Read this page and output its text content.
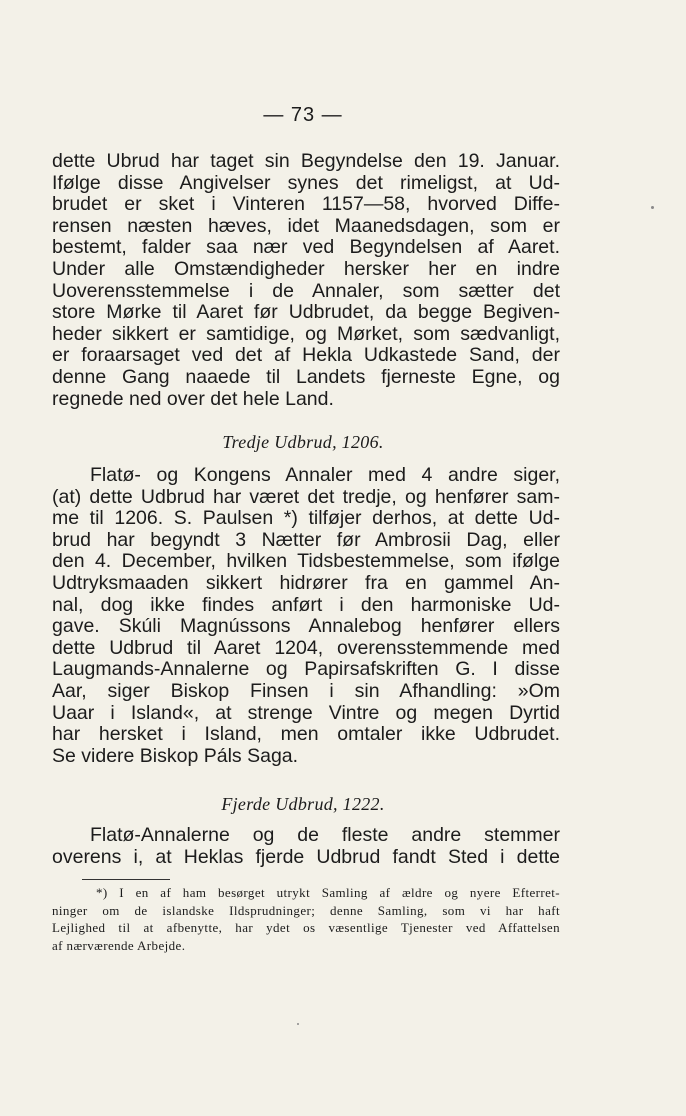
— 73 —
dette Ubrud har taget sin Begyndelse den 19. Januar.
Ifølge disse Angivelser synes det rimeligst, at Ud-
brudet er sket i Vinteren 1157—58, hvorved Diffe-
rensen næsten hæves, idet Maanedsdagen, som er
bestemt, falder saa nær ved Begyndelsen af Aaret.
Under alle Omstændigheder hersker her en indre
Uoverensstemmelse i de Annaler, som sætter det
store Mørke til Aaret før Udbrudet, da begge Begiven-
heder sikkert er samtidige, og Mørket, som sædvanligt,
er foraarsaget ved det af Hekla Udkastede Sand, der
denne Gang naaede til Landets fjerneste Egne, og
regnede ned over det hele Land.
Tredje Udbrud, 1206.
Flatø- og Kongens Annaler med 4 andre siger,
(at) dette Udbrud har været det tredje, og henfører sam-
me til 1206. S. Paulsen *) tilføjer derhos, at dette Ud-
brud har begyndt 3 Nætter før Ambrosii Dag, eller
den 4. December, hvilken Tidsbestemmelse, som ifølge
Udtryksmaaden sikkert hidrører fra en gammel An-
nal, dog ikke findes anført i den harmoniske Ud-
gave. Skúli Magnússons Annalebog henfører ellers
dette Udbrud til Aaret 1204, overensstemmende med
Laugmands-Annalerne og Papirsafskriften G. I disse
Aar, siger Biskop Finsen i sin Afhandling: »Om
Uaar i Island«, at strenge Vintre og megen Dyrtid
har hersket i Island, men omtaler ikke Udbrudet.
Se videre Biskop Páls Saga.
Fjerde Udbrud, 1222.
Flatø-Annalerne og de fleste andre stemmer
overens i, at Heklas fjerde Udbrud fandt Sted i dette
*) I en af ham besørget utrykt Samling af ældre og nyere Efterret-
ninger om de islandske Ildsprudninger; denne Samling, som vi har haft
Lejlighed til at afbenytte, har ydet os væsentlige Tjenester ved Affattelsen
af nærværende Arbejde.
